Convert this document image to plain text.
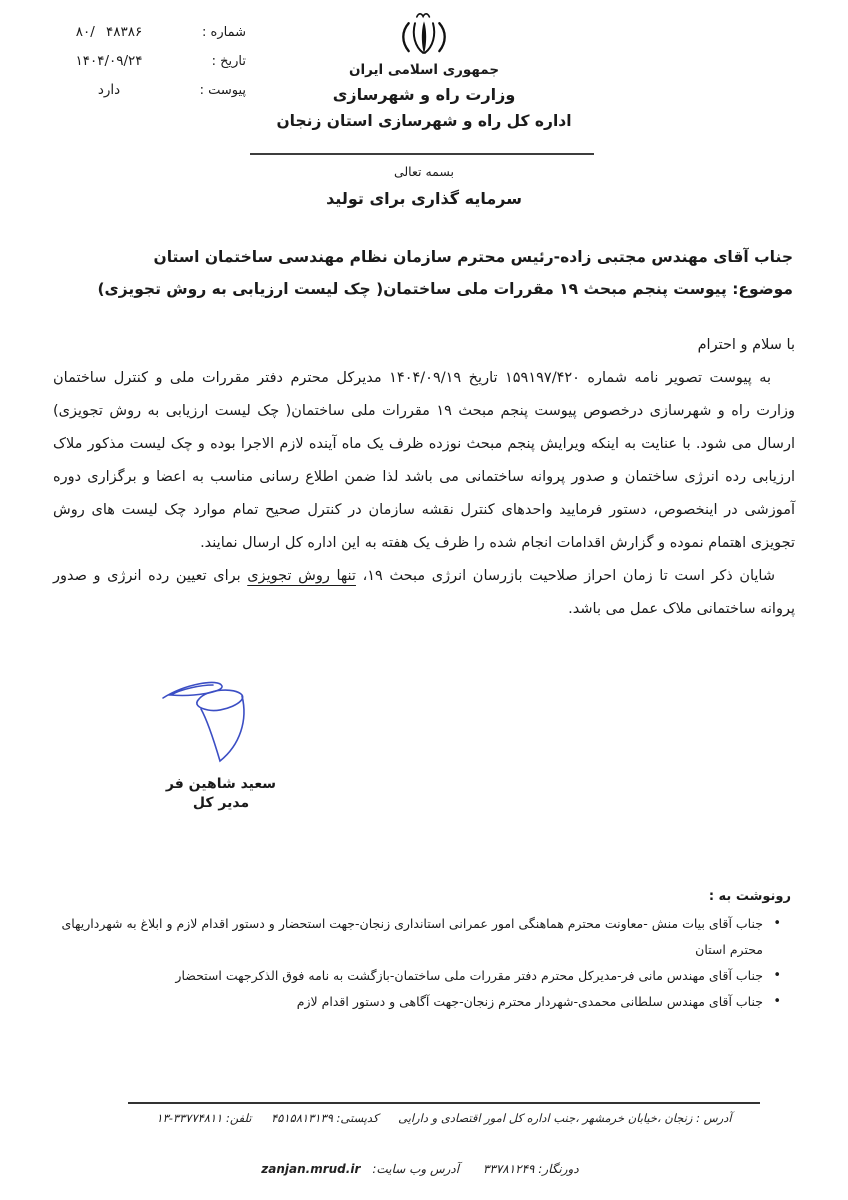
شماره :
۸۰/ ۴۸۳۸۶
تاریخ :
۱۴۰۴/۰۹/۲۴
پیوست :
دارد
جمهوری اسلامی ایران
وزارت راه و شهرسازی
اداره کل راه و شهرسازی استان زنجان
بسمه تعالی
سرمایه گذاری برای تولید
جناب آقای مهندس مجتبی زاده-رئیس محترم سازمان نظام مهندسی ساختمان استان
موضوع: پیوست پنجم مبحث ۱۹ مقررات ملی ساختمان( چک لیست ارزیابی به روش تجویزی)

با سلام و احترام

به پیوست تصویر نامه شماره ۱۵۹۱۹۷/۴۲۰ تاریخ ۱۴۰۴/۰۹/۱۹ مدیرکل محترم دفتر مقررات ملی و کنترل ساختمان وزارت راه و شهرسازی درخصوص پیوست پنجم مبحث ۱۹ مقررات ملی ساختمان( چک لیست ارزیابی به روش تجویزی) ارسال می شود. با عنایت به اینکه ویرایش پنجم مبحث نوزده ظرف یک ماه آینده لازم الاجرا بوده و چک لیست مذکور ملاک ارزیابی رده انرژی ساختمان و صدور پروانه ساختمانی می باشد لذا ضمن اطلاع رسانی مناسب به اعضا و برگزاری دوره آموزشی در اینخصوص، دستور فرمایید واحدهای کنترل نقشه سازمان در کنترل صحیح تمام موارد چک لیست های روش تجویزی اهتمام نموده و گزارش اقدامات انجام شده را ظرف یک هفته به این اداره کل ارسال نمایند.

شایان ذکر است تا زمان احراز صلاحیت بازرسان انرژی مبحث ۱۹، تنها روش تجویزی برای تعیین رده انرژی و صدور پروانه ساختمانی ملاک عمل می باشد.

سعید شاهین فر
مدیر کل
رونوشت به :
•
جناب آقای بیات منش -معاونت محترم هماهنگی امور عمرانی استانداری زنجان-جهت استحضار و دستور اقدام لازم و ابلاغ به شهرداریهای محترم استان
•
جناب آقای مهندس مانی فر-مدیرکل محترم دفتر مقررات ملی ساختمان-بازگشت به نامه فوق الذکرجهت استحضار
•
جناب آقای مهندس سلطانی محمدی-شهردار محترم زنجان-جهت آگاهی و دستور اقدام لازم
آدرس : زنجان ،خیابان خرمشهر ،جنب اداره کل امور اقتصادی و دارایی کدپستی: ۴۵۱۵۸۱۳۱۳۹ تلفن: ۳۳۷۷۴۸۱۱-۱۳
دورنگار: ۳۳۷۸۱۲۴۹ آدرس وب سایت:zanjan.mrud.ir
